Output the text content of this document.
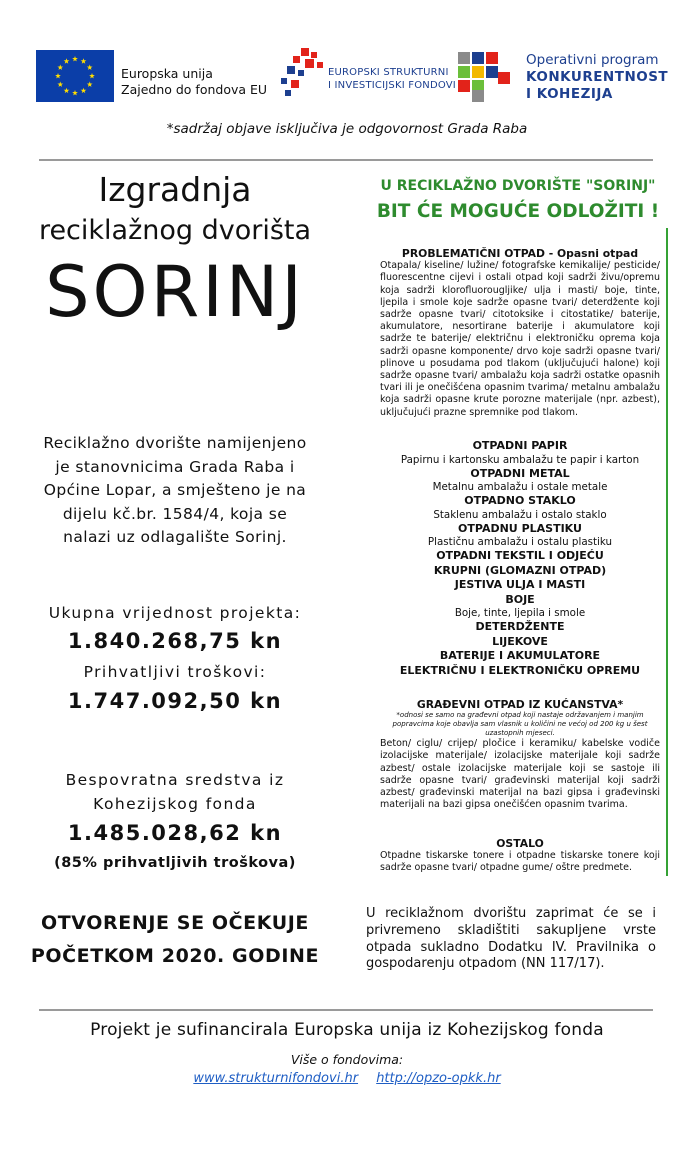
Europska unija
Zajedno do fondova EU
EUROPSKI STRUKTURNI
I INVESTICIJSKI FONDOVI
Operativni program
KONKURENTNOST
I KOHEZIJA
*sadržaj objave isključiva je odgovornost Grada Raba
Izgradnja
reciklažnog dvorišta
SORINJ
Reciklažno dvorište namijenjeno
je stanovnicima Grada Raba i
Općine Lopar, a smješteno je na
dijelu kč.br. 1584/4, koja se
nalazi uz odlagalište Sorinj.
Ukupna vrijednost projekta:
1.840.268,75 kn
Prihvatljivi troškovi:
1.747.092,50 kn
Bespovratna sredstva iz
Kohezijskog fonda
1.485.028,62 kn
(85% prihvatljivih troškova)
OTVORENJE SE OČEKUJE
POČETKOM 2020. GODINE
U RECIKLAŽNO DVORIŠTE "SORINJ"
BIT ĆE MOGUĆE ODLOŽITI !
PROBLEMATIČNI OTPAD - Opasni otpad
Otapala/ kiseline/ lužine/ fotografske kemikalije/ pesticide/ fluorescentne cijevi i ostali otpad koji sadrži živu/opremu koja sadrži klorofluorougljike/ ulja i masti/ boje, tinte, ljepila i smole koje sadrže opasne tvari/ deterdžente koji sadrže opasne tvari/ citotoksike i citostatike/ baterije, akumulatore, nesortirane baterije i akumulatore koji sadrže te baterije/ električnu i elektroničku oprema koja sadrži opasne komponente/ drvo koje sadrži opasne tvari/ plinove u posudama pod tlakom (uključujući halone) koji sadrže opasne tvari/ ambalažu koja sadrži ostatke opasnih tvari ili je onečišćena opasnim tvarima/ metalnu ambalažu koja sadrži opasne krute porozne materijale (npr. azbest), uključujući prazne spremnike pod tlakom.
OTPADNI PAPIR
Papirnu i kartonsku ambalažu te papir i karton
OTPADNI METAL
Metalnu ambalažu i ostale metale
OTPADNO STAKLO
Staklenu ambalažu i ostalo staklo
OTPADNU PLASTIKU
Plastičnu ambalažu i ostalu plastiku
OTPADNI TEKSTIL I ODJEĆU
KRUPNI (GLOMAZNI OTPAD)
JESTIVA ULJA I MASTI
BOJE
Boje, tinte, ljepila i smole
DETERDŽENTE
LIJEKOVE
BATERIJE I AKUMULATORE
ELEKTRIČNU I ELEKTRONIČKU OPREMU
GRAĐEVNI OTPAD IZ KUĆANSTVA*
*odnosi se samo na građevni otpad koji nastaje održavanjem i manjim popravcima koje obavlja sam vlasnik u količini ne većoj od 200 kg u šest uzastopnih mjeseci.
Beton/ ciglu/ crijep/ pločice i keramiku/ kabelske vodiče izolacijske materijale/ izolacijske materijale koji sadrže azbest/ ostale izolacijske materijale koji se sastoje ili sadrže opasne tvari/ građevinski materijal koji sadrži azbest/ građevinski materijal na bazi gipsa i građevinski materijali na bazi gipsa onečišćen opasnim tvarima.
OSTALO
Otpadne tiskarske tonere i otpadne tiskarske tonere koji sadrže opasne tvari/ otpadne gume/ oštre predmete.
U reciklažnom dvorištu zaprimat će se i privremeno skladištiti sakupljene vrste otpada sukladno Dodatku IV. Pravilnika o gospodarenju otpadom (NN 117/17).
Projekt je sufinancirala Europska unija iz Kohezijskog fonda
Više o fondovima:
www.strukturnifondovi.hr http://opzo-opkk.hr
